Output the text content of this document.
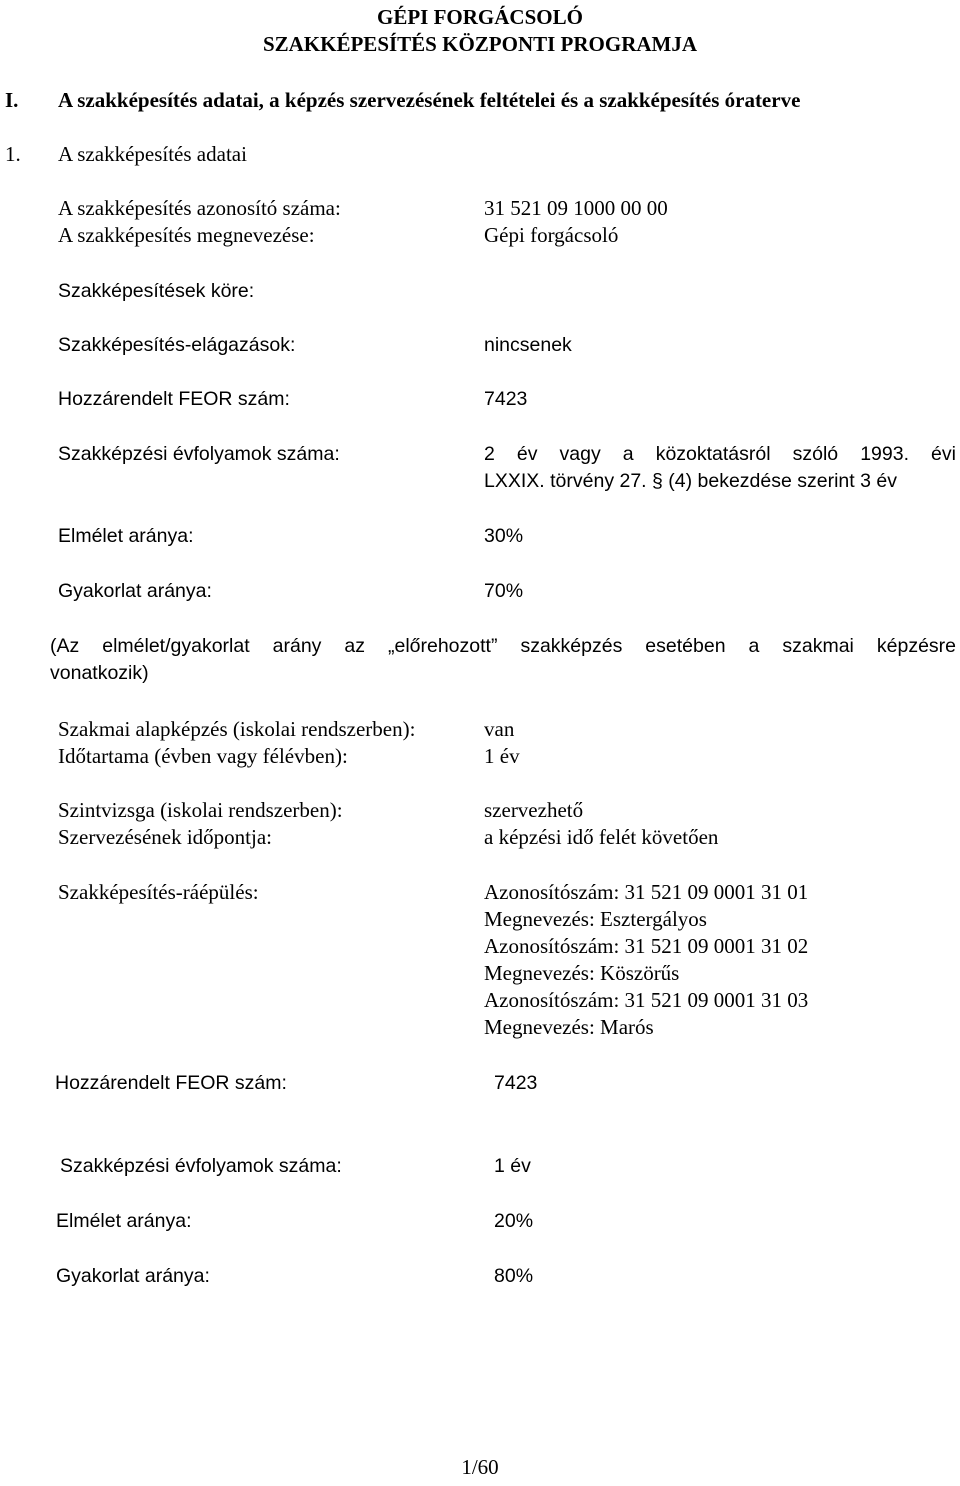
GÉPI FORGÁCSOLÓ
SZAKKÉPESÍTÉS KÖZPONTI PROGRAMJA
I. A szakképesítés adatai, a képzés szervezésének feltételei és a szakképesítés óraterve
1. A szakképesítés adatai
A szakképesítés azonosító száma:	31 521 09 1000 00 00
A szakképesítés megnevezése:	Gépi forgácsoló
Szakképesítések köre:
Szakképesítés-elágazások:	nincsenek
Hozzárendelt FEOR szám:	7423
Szakképzési évfolyamok száma:	2 év vagy a közoktatásról szóló 1993. évi
LXXIX. törvény 27. § (4) bekezdése szerint 3 év
Elmélet aránya:	30%
Gyakorlat aránya:	70%
(Az elmélet/gyakorlat arány az „előrehozott” szakképzés esetében a szakmai képzésre
vonatkozik)
Szakmai alapképzés (iskolai rendszerben):	van
Időtartama (évben vagy félévben):	1 év
Szintvizsga (iskolai rendszerben):	szervezhető
Szervezésének időpontja:	a képzési idő felét követően
Szakképesítés-ráépülés:	Azonosítószám: 31 521 09 0001 31 01
Megnevezés: Esztergályos
Azonosítószám: 31 521 09 0001 31 02
Megnevezés: Köszörűs
Azonosítószám: 31 521 09 0001 31 03
Megnevezés: Marós
Hozzárendelt FEOR szám:	7423
Szakképzési évfolyamok száma:	1 év
Elmélet aránya:	20%
Gyakorlat aránya:	80%
1/60
